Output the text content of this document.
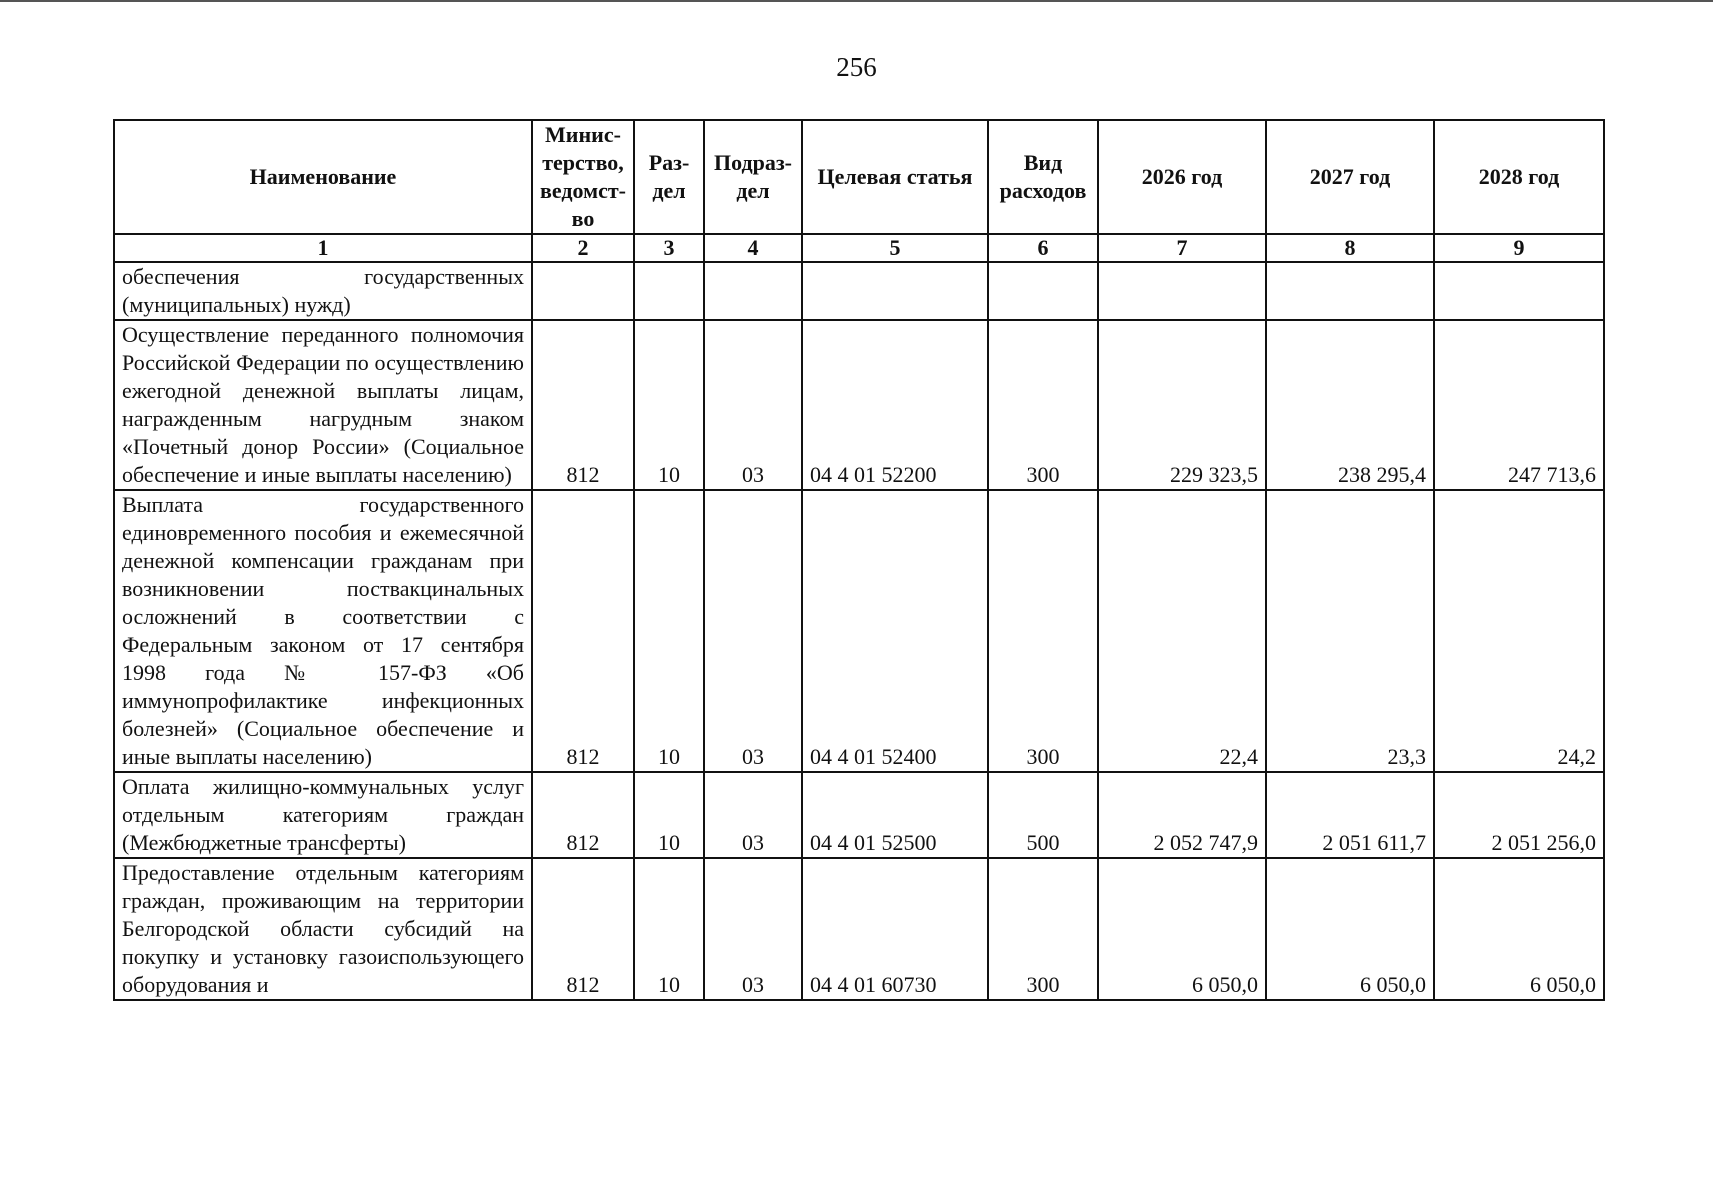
256
Наименование	Минис-терство, ведомст-во	Раз-дел	Подраз-дел	Целевая статья	Вид расходов	2026 год	2027 год	2028 год
1	2	3	4	5	6	7	8	9
обеспечения государственных (муниципальных) нужд)								
Осуществление переданного полномочия Российской Федерации по осуществлению ежегодной денежной выплаты лицам, награжденным нагрудным знаком «Почетный донор России» (Социальное обеспечение и иные выплаты населению)	812	10	03	04 4 01 52200	300	229 323,5	238 295,4	247 713,6
Выплата государственного единовременного пособия и ежемесячной денежной компенсации гражданам при возникновении поствакцинальных осложнений в соответствии с Федеральным законом от 17 сентября 1998 года № 157-ФЗ «Об иммунопрофилактике инфекционных болезней» (Социальное обеспечение и иные выплаты населению)	812	10	03	04 4 01 52400	300	22,4	23,3	24,2
Оплата жилищно-коммунальных услуг отдельным категориям граждан (Межбюджетные трансферты)	812	10	03	04 4 01 52500	500	2 052 747,9	2 051 611,7	2 051 256,0
Предоставление отдельным категориям граждан, проживающим на территории Белгородской области субсидий на покупку и установку газоиспользующего оборудования и	812	10	03	04 4 01 60730	300	6 050,0	6 050,0	6 050,0
